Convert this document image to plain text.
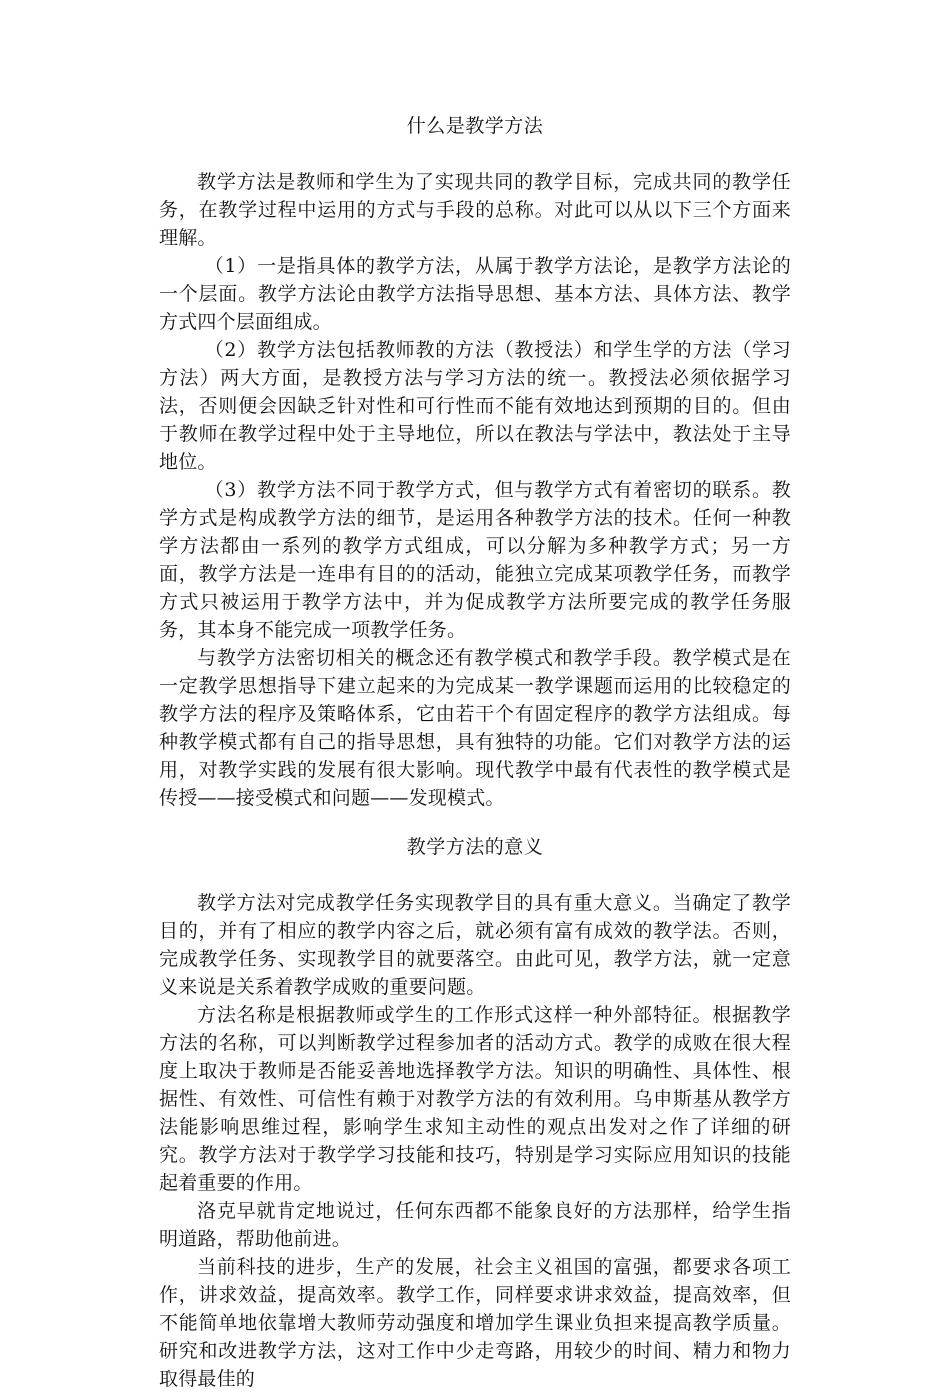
什么是教学方法

教学方法是教师和学生为了实现共同的教学目标，完成共同的教学任务，在教学过程中运用的方式与手段的总称。对此可以从以下三个方面来理解。

（1）一是指具体的教学方法，从属于教学方法论，是教学方法论的一个层面。教学方法论由教学方法指导思想、基本方法、具体方法、教学方式四个层面组成。

（2）教学方法包括教师教的方法（教授法）和学生学的方法（学习方法）两大方面，是教授方法与学习方法的统一。教授法必须依据学习法，否则便会因缺乏针对性和可行性而不能有效地达到预期的目的。但由于教师在教学过程中处于主导地位，所以在教法与学法中，教法处于主导地位。

（3）教学方法不同于教学方式，但与教学方式有着密切的联系。教学方式是构成教学方法的细节，是运用各种教学方法的技术。任何一种教学方法都由一系列的教学方式组成，可以分解为多种教学方式；另一方面，教学方法是一连串有目的的活动，能独立完成某项教学任务，而教学方式只被运用于教学方法中，并为促成教学方法所要完成的教学任务服务，其本身不能完成一项教学任务。

与教学方法密切相关的概念还有教学模式和教学手段。教学模式是在一定教学思想指导下建立起来的为完成某一教学课题而运用的比较稳定的教学方法的程序及策略体系，它由若干个有固定程序的教学方法组成。每种教学模式都有自己的指导思想，具有独特的功能。它们对教学方法的运用，对教学实践的发展有很大影响。现代教学中最有代表性的教学模式是传授——接受模式和问题——发现模式。

教学方法的意义

教学方法对完成教学任务实现教学目的具有重大意义。当确定了教学目的，并有了相应的教学内容之后，就必须有富有成效的教学法。否则，完成教学任务、实现教学目的就要落空。由此可见，教学方法，就一定意义来说是关系着教学成败的重要问题。

方法名称是根据教师或学生的工作形式这样一种外部特征。根据教学方法的名称，可以判断教学过程参加者的活动方式。教学的成败在很大程度上取决于教师是否能妥善地选择教学方法。知识的明确性、具体性、根据性、有效性、可信性有赖于对教学方法的有效利用。乌申斯基从教学方法能影响思维过程，影响学生求知主动性的观点出发对之作了详细的研究。教学方法对于教学学习技能和技巧，特别是学习实际应用知识的技能起着重要的作用。

洛克早就肯定地说过，任何东西都不能象良好的方法那样，给学生指明道路，帮助他前进。

当前科技的进步，生产的发展，社会主义祖国的富强，都要求各项工作，讲求效益，提高效率。教学工作，同样要求讲求效益，提高效率，但不能简单地依靠增大教师劳动强度和增加学生课业负担来提高教学质量。研究和改进教学方法，这对工作中少走弯路，用较少的时间、精力和物力取得最佳的
